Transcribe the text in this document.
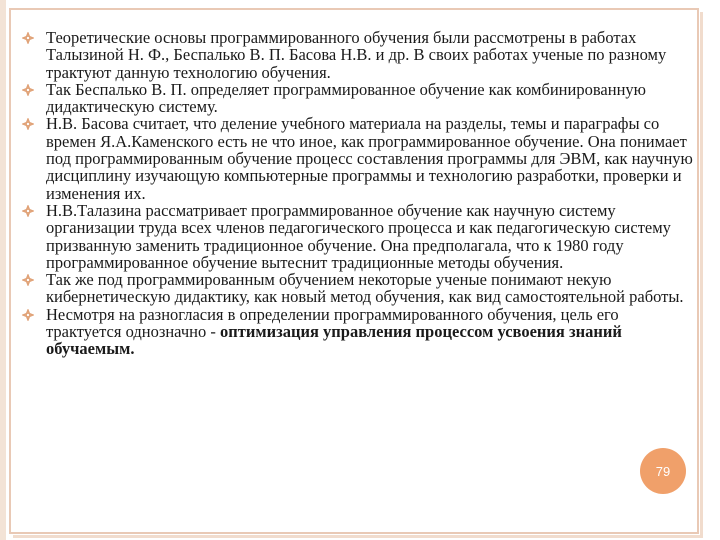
Теоретические основы программированного обучения были рассмотрены в работах Талызиной Н. Ф., Беспалько В. П. Басова Н.В. и др. В своих работах ученые по разному трактуют данную технологию обучения.
Так Беспалько В. П. определяет программированное обучение как комбинированную дидактическую систему.
Н.В. Басова считает, что деление учебного материала на разделы, темы и параграфы со времен Я.А.Каменского есть не что иное, как программированное обучение. Она понимает под программированным обучение процесс составления программы для ЭВМ, как научную дисциплину изучающую компьютерные программы и технологию разработки, проверки и изменения их.
Н.В.Талазина рассматривает программированное обучение как научную систему организации труда всех членов педагогического процесса и как педагогическую систему призванную заменить традиционное обучение. Она предполагала, что к 1980 году программированное обучение вытеснит традиционные методы обучения.
Так же под программированным обучением некоторые ученые понимают некую кибернетическую дидактику, как новый метод обучения, как вид самостоятельной работы.
Несмотря на разногласия в определении программированного обучения, цель его трактуется однозначно - оптимизация управления процессом усвоения знаний обучаемым.
79
